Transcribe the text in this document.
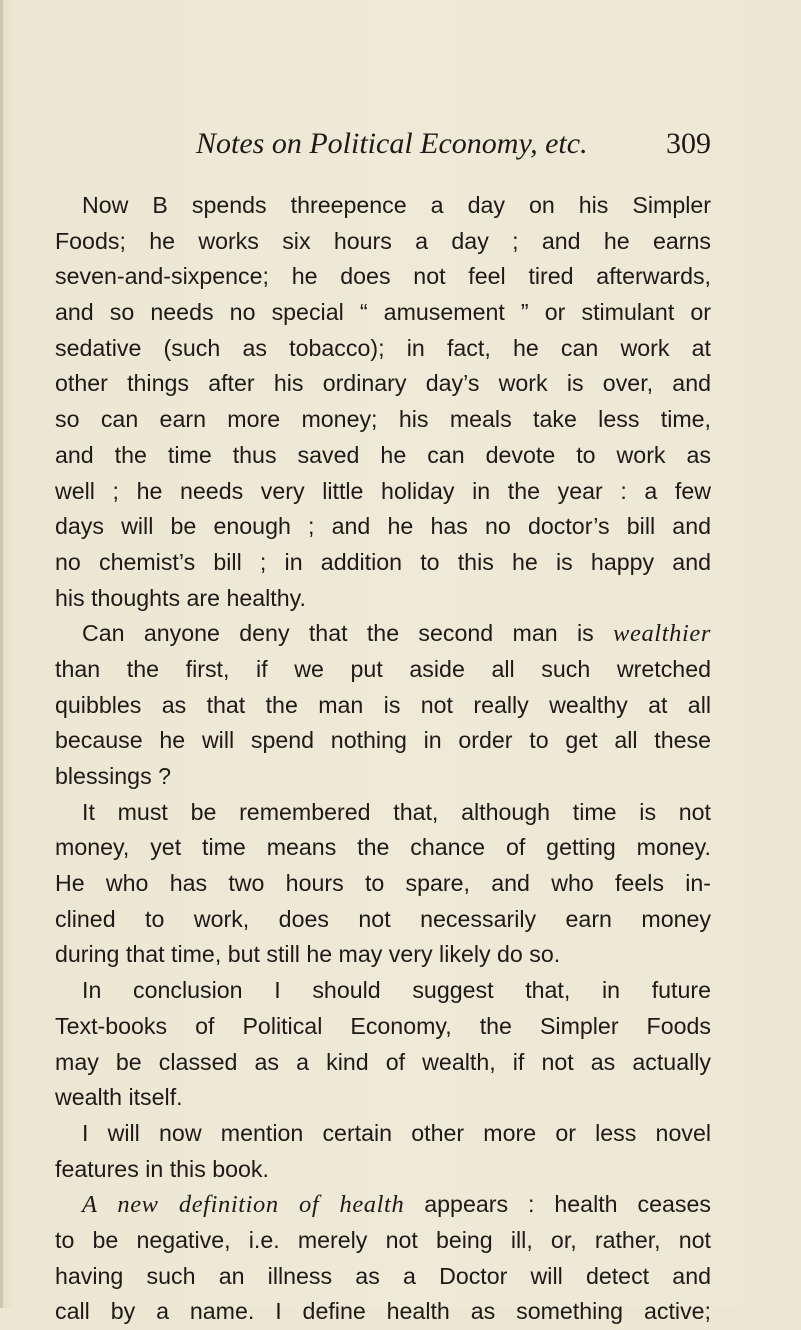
Notes on Political Economy, etc.	309
Now B spends threepence a day on his Simpler
Foods; he works six hours a day ; and he earns
seven-and-sixpence; he does not feel tired afterwards,
and so needs no special “ amusement ” or stimulant or
sedative (such as tobacco); in fact, he can work at
other things after his ordinary day’s work is over, and
so can earn more money; his meals take less time,
and the time thus saved he can devote to work as
well ; he needs very little holiday in the year : a few
days will be enough ; and he has no doctor’s bill and
no chemist’s bill ; in addition to this he is happy and
his thoughts are healthy.
Can anyone deny that the second man is wealthier
than the first, if we put aside all such wretched
quibbles as that the man is not really wealthy at all
because he will spend nothing in order to get all these
blessings ?
It must be remembered that, although time is not
money, yet time means the chance of getting money.
He who has two hours to spare, and who feels in-
clined to work, does not necessarily earn money
during that time, but still he may very likely do so.
In conclusion I should suggest that, in future
Text-books of Political Economy, the Simpler Foods
may be classed as a kind of wealth, if not as actually
wealth itself.
I will now mention certain other more or less novel
features in this book.
A new definition of health appears : health ceases
to be negative, i.e. merely not being ill, or, rather, not
having such an illness as a Doctor will detect and
call by a name. I define health as something active;
